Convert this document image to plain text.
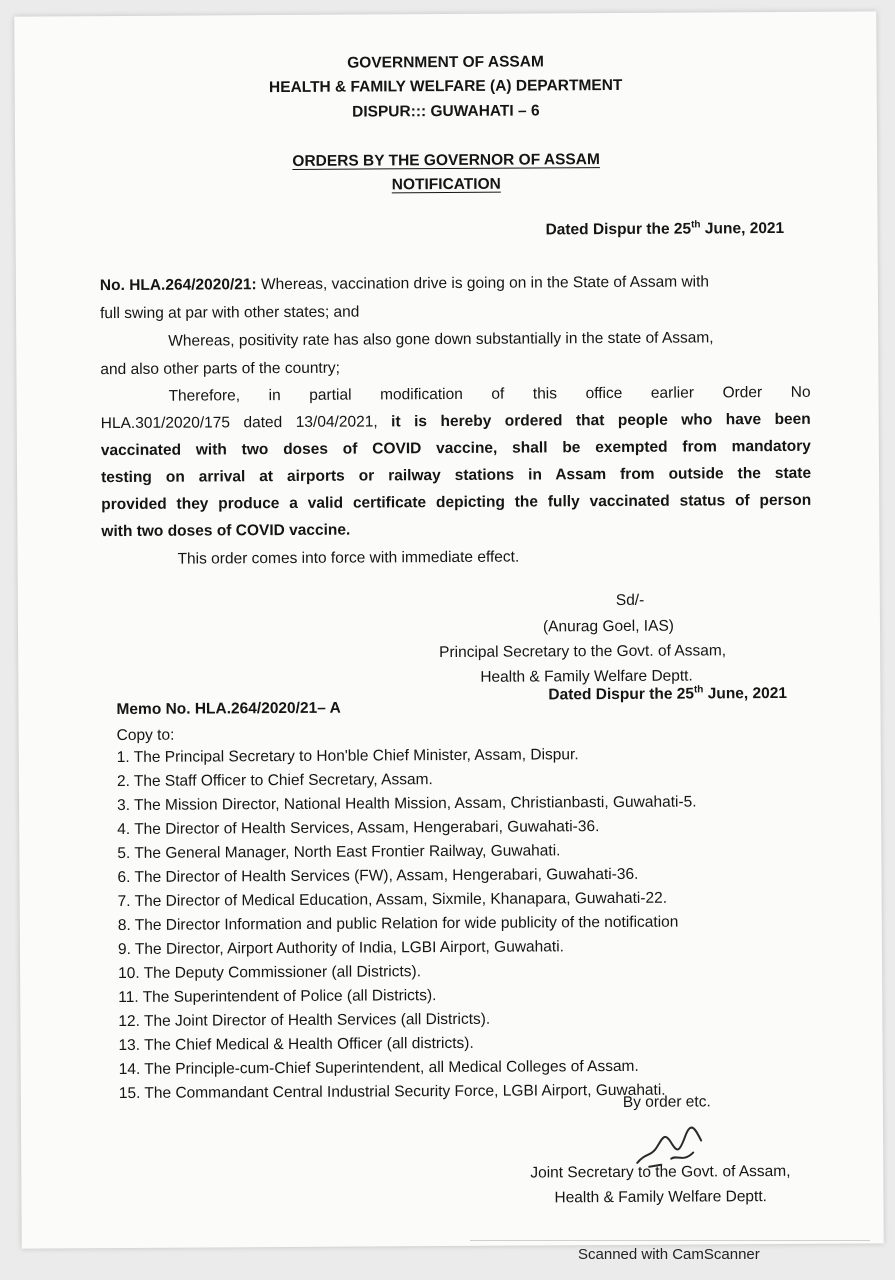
GOVERNMENT OF ASSAM
HEALTH & FAMILY WELFARE (A) DEPARTMENT
DISPUR::: GUWAHATI – 6
ORDERS BY THE GOVERNOR OF ASSAM
NOTIFICATION
Dated Dispur the 25th June, 2021
No. HLA.264/2020/21: Whereas, vaccination drive is going on in the State of Assam with
full swing at par with other states; and
Whereas, positivity rate has also gone down substantially in the state of Assam,
and also other parts of the country;
Therefore, in partial modification of this office earlier Order No
HLA.301/2020/175 dated 13/04/2021, it is hereby ordered that people who have been
vaccinated with two doses of COVID vaccine, shall be exempted from mandatory
testing on arrival at airports or railway stations in Assam from outside the state
provided they produce a valid certificate depicting the fully vaccinated status of person
with two doses of COVID vaccine.
This order comes into force with immediate effect.
Sd/-
(Anurag Goel, IAS)
Principal Secretary to the Govt. of Assam,
Health & Family Welfare Deptt.
Memo No. HLA.264/2020/21– A
Dated Dispur the 25th June, 2021
Copy to:
1. The Principal Secretary to Hon'ble Chief Minister, Assam, Dispur.
2. The Staff Officer to Chief Secretary, Assam.
3. The Mission Director, National Health Mission, Assam, Christianbasti, Guwahati-5.
4. The Director of Health Services, Assam, Hengerabari, Guwahati-36.
5. The General Manager, North East Frontier Railway, Guwahati.
6. The Director of Health Services (FW), Assam, Hengerabari, Guwahati-36.
7. The Director of Medical Education, Assam, Sixmile, Khanapara, Guwahati-22.
8. The Director Information and public Relation for wide publicity of the notification
9. The Director, Airport Authority of India, LGBI Airport, Guwahati.
10. The Deputy Commissioner (all Districts).
11. The Superintendent of Police (all Districts).
12. The Joint Director of Health Services (all Districts).
13. The Chief Medical & Health Officer (all districts).
14. The Principle-cum-Chief Superintendent, all Medical Colleges of Assam.
15. The Commandant Central Industrial Security Force, LGBI Airport, Guwahati.
By order etc.
Joint Secretary to the Govt. of Assam,
Health & Family Welfare Deptt.
Scanned with CamScanner
